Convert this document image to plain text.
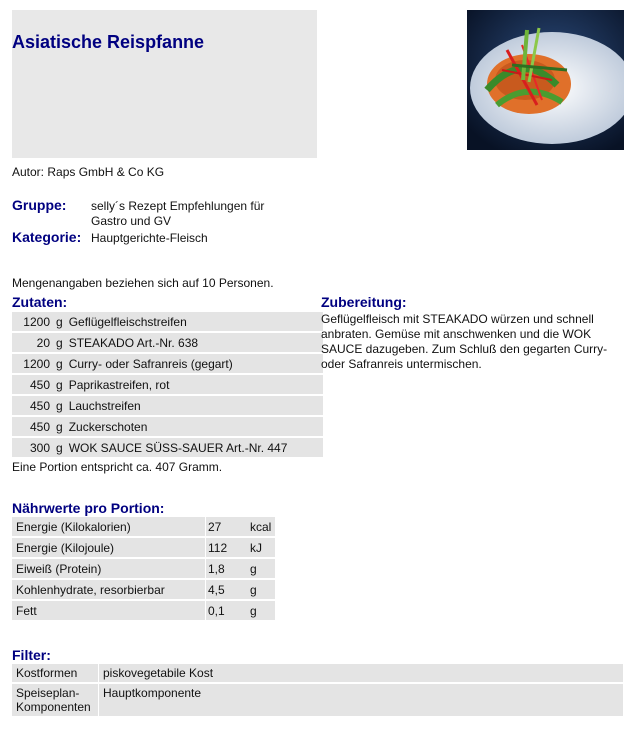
Asiatische Reispfanne
Autor: Raps GmbH & Co KG
Gruppe: selly´s Rezept Empfehlungen für Gastro und GV
Kategorie: Hauptgerichte-Fleisch
Mengenangaben beziehen sich auf 10 Personen.
Zutaten:
1200	g	Geflügelfleischstreifen
20	g	STEAKADO Art.-Nr. 638
1200	g	Curry- oder Safranreis (gegart)
450	g	Paprikastreifen, rot
450	g	Lauchstreifen
450	g	Zuckerschoten
300	g	WOK SAUCE SÜSS-SAUER Art.-Nr. 447
Eine Portion entspricht ca. 407 Gramm.
Zubereitung:
Geflügelfleisch mit STEAKADO würzen und schnell anbraten. Gemüse mit anschwenken und die WOK SAUCE dazugeben. Zum Schluß den gegarten Curry- oder Safranreis untermischen.
Nährwerte pro Portion:
Energie (Kilokalorien)		27	kcal
Energie (Kilojoule)		112	kJ
Eiweiß (Protein)		1,8	g
Kohlenhydrate, resorbierbar		4,5	g
Fett		0,1	g
Filter:
Kostformen		piskovegetabile Kost
Speiseplan-Komponenten		Hauptkomponente
